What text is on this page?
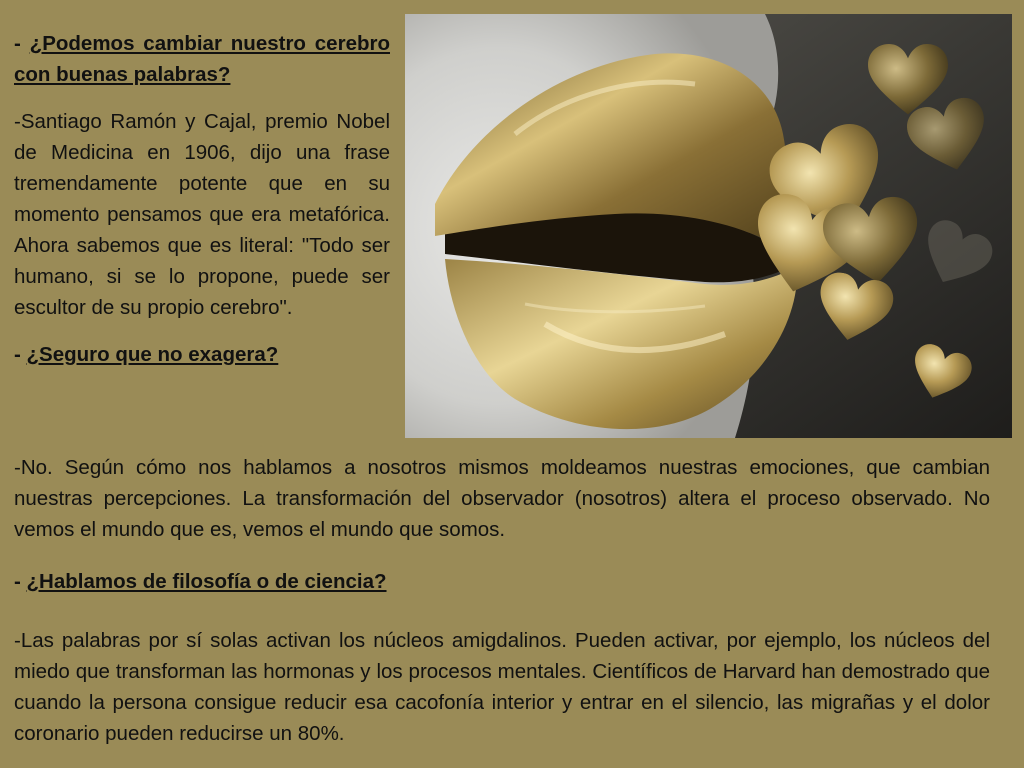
- ¿Podemos cambiar nuestro cerebro con buenas palabras?

-Santiago Ramón y Cajal, premio Nobel de Medicina en 1906, dijo una frase tremendamente potente que en su momento pensamos que era metafórica. Ahora sabemos que es literal: "Todo ser humano, si se lo propone, puede ser escultor de su propio cerebro".

- ¿Seguro que no exagera?

-No. Según cómo nos hablamos a nosotros mismos moldeamos nuestras emociones, que cambian nuestras percepciones. La transformación del observador (nosotros) altera el proceso observado. No vemos el mundo que es, vemos el mundo que somos.

- ¿Hablamos de filosofía o de ciencia?

-Las palabras por sí solas activan los núcleos amigdalinos. Pueden activar, por ejemplo, los núcleos del miedo que transforman las hormonas y los procesos mentales. Científicos de Harvard han demostrado que cuando la persona consigue reducir esa cacofonía interior y entrar en el silencio, las migrañas y el dolor coronario pueden reducirse un 80%.
